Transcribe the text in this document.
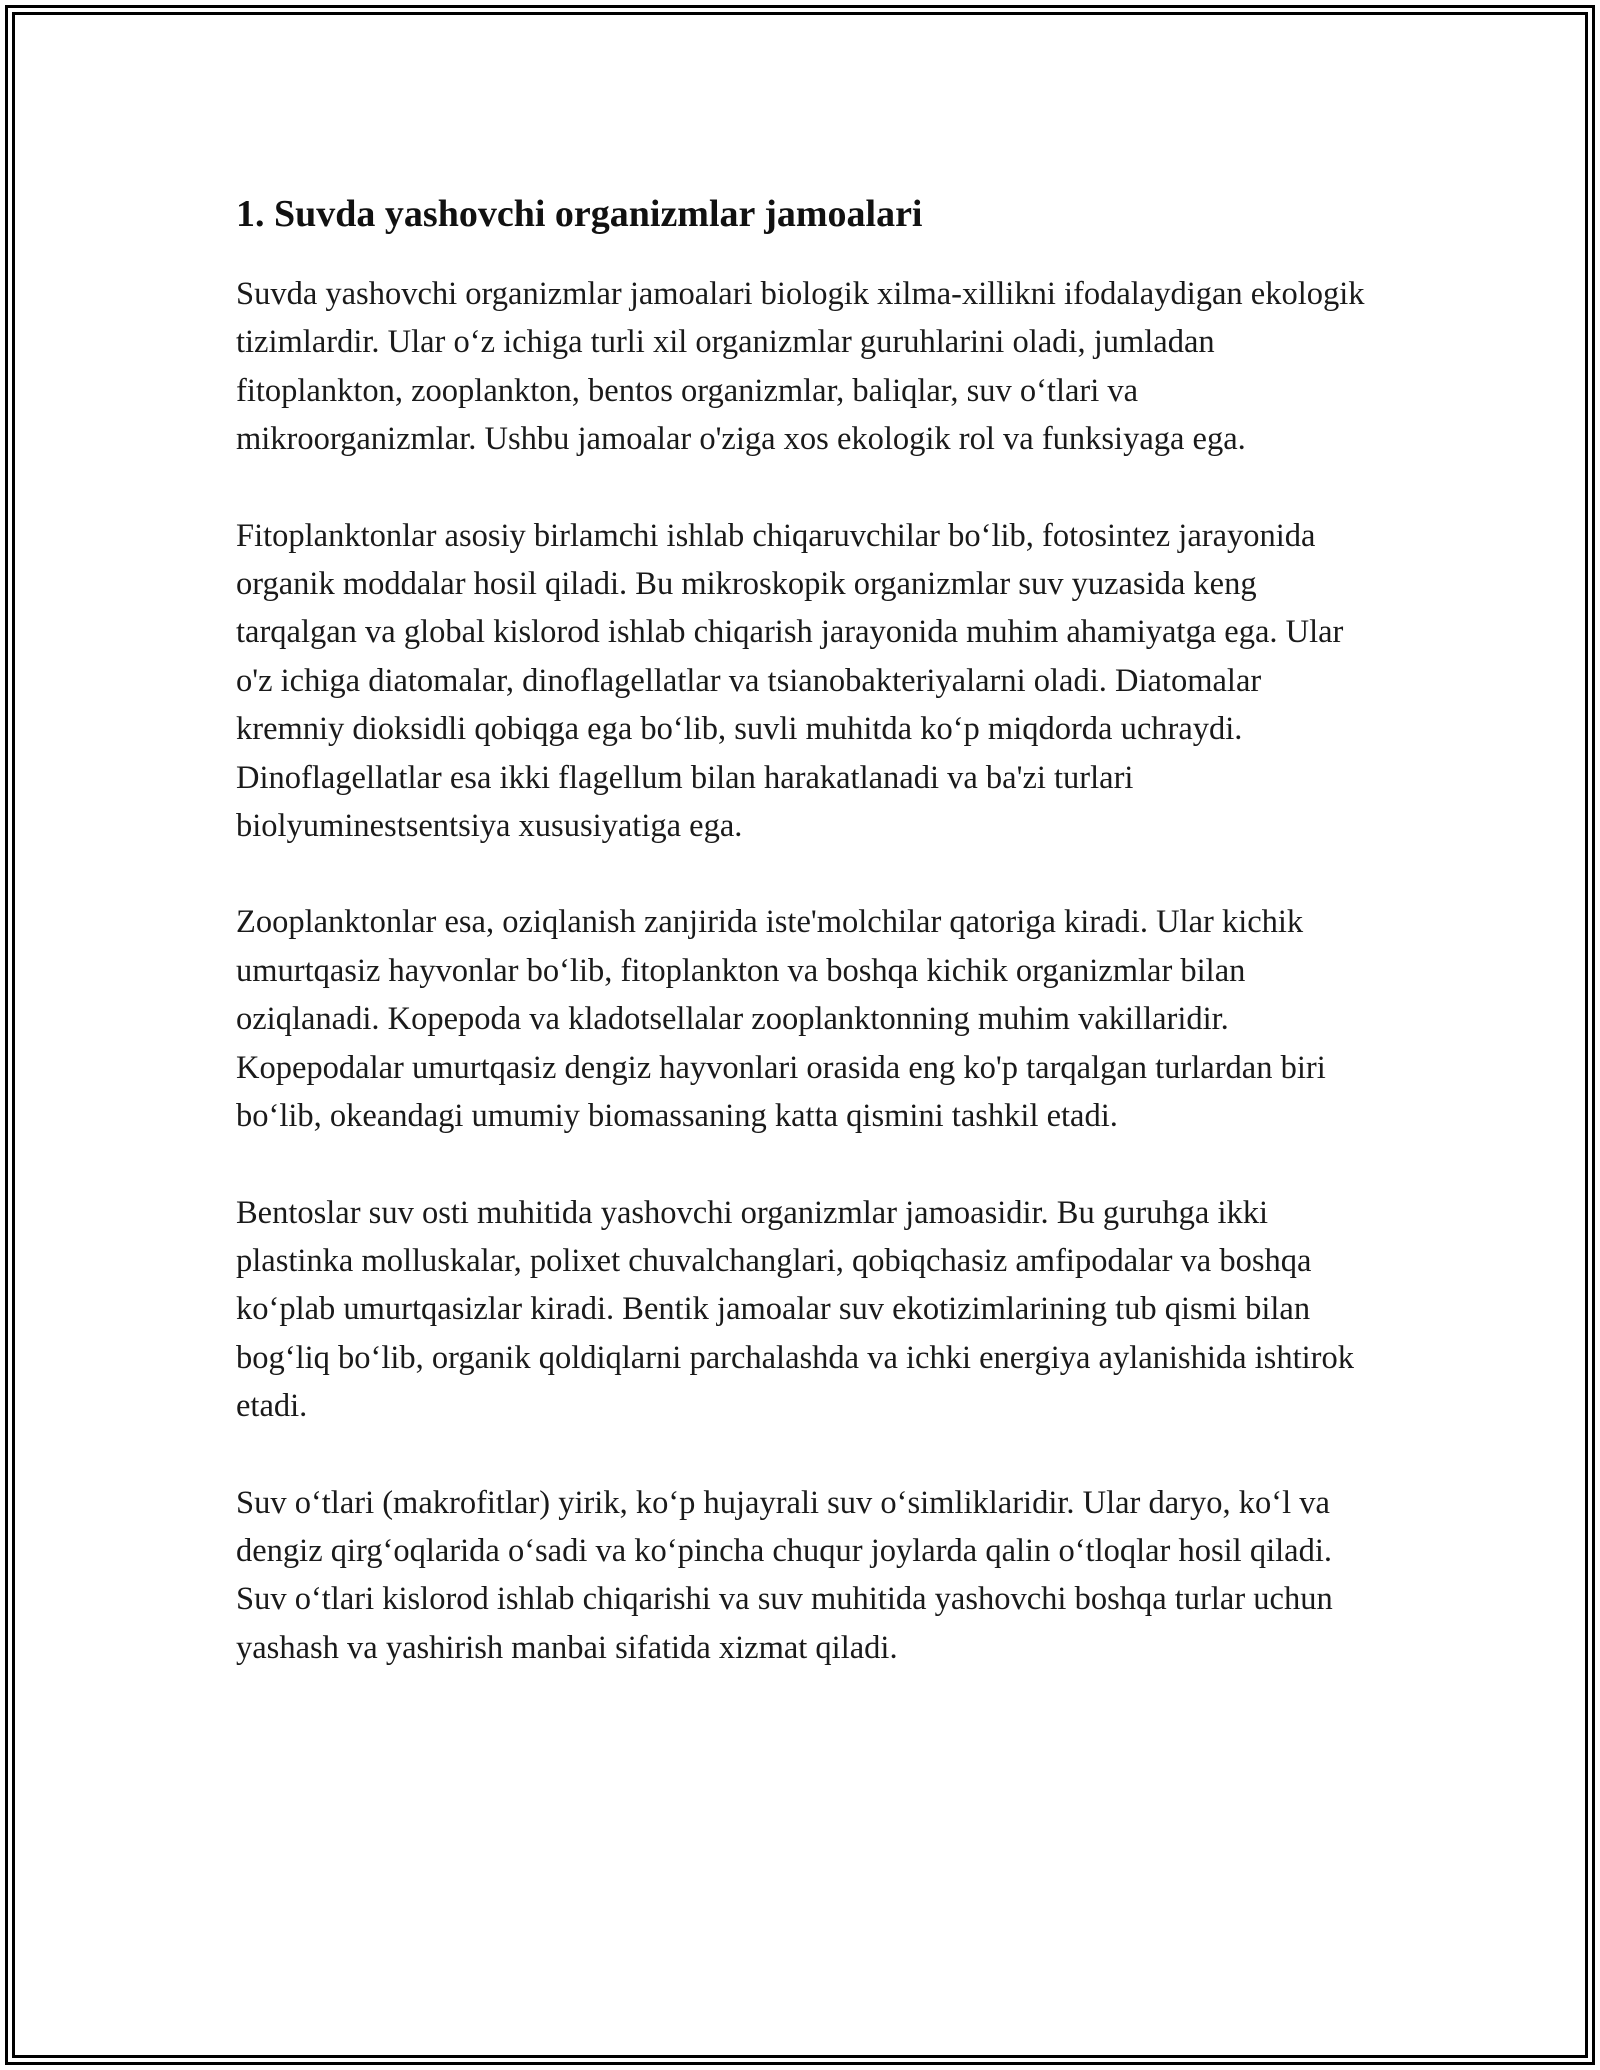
1. Suvda yashovchi organizmlar jamoalari

Suvda yashovchi organizmlar jamoalari biologik xilma-xillikni ifodalaydigan ekologik tizimlardir. Ular o‘z ichiga turli xil organizmlar guruhlarini oladi, jumladan fitoplankton, zooplankton, bentos organizmlar, baliqlar, suv o‘tlari va mikroorganizmlar. Ushbu jamoalar o'ziga xos ekologik rol va funksiyaga ega.

Fitoplanktonlar asosiy birlamchi ishlab chiqaruvchilar bo‘lib, fotosintez jarayonida organik moddalar hosil qiladi. Bu mikroskopik organizmlar suv yuzasida keng tarqalgan va global kislorod ishlab chiqarish jarayonida muhim ahamiyatga ega. Ular o'z ichiga diatomalar, dinoflagellatlar va tsianobakteriyalarni oladi. Diatomalar kremniy dioksidli qobiqga ega bo‘lib, suvli muhitda ko‘p miqdorda uchraydi. Dinoflagellatlar esa ikki flagellum bilan harakatlanadi va ba'zi turlari biolyuminestsentsiya xususiyatiga ega.

Zooplanktonlar esa, oziqlanish zanjirida iste'molchilar qatoriga kiradi. Ular kichik umurtqasiz hayvonlar bo‘lib, fitoplankton va boshqa kichik organizmlar bilan oziqlanadi. Kopepoda va kladotsellalar zooplanktonning muhim vakillaridir. Kopepodalar umurtqasiz dengiz hayvonlari orasida eng ko'p tarqalgan turlardan biri bo‘lib, okeandagi umumiy biomassaning katta qismini tashkil etadi.

Bentoslar suv osti muhitida yashovchi organizmlar jamoasidir. Bu guruhga ikki plastinka molluskalar, polixet chuvalchanglari, qobiqchasiz amfipodalar va boshqa ko‘plab umurtqasizlar kiradi. Bentik jamoalar suv ekotizimlarining tub qismi bilan bog‘liq bo‘lib, organik qoldiqlarni parchalashda va ichki energiya aylanishida ishtirok etadi.

Suv o‘tlari (makrofitlar) yirik, ko‘p hujayrali suv o‘simliklaridir. Ular daryo, ko‘l va dengiz qirg‘oqlarida o‘sadi va ko‘pincha chuqur joylarda qalin o‘tloqlar hosil qiladi. Suv o‘tlari kislorod ishlab chiqarishi va suv muhitida yashovchi boshqa turlar uchun yashash va yashirish manbai sifatida xizmat qiladi.
